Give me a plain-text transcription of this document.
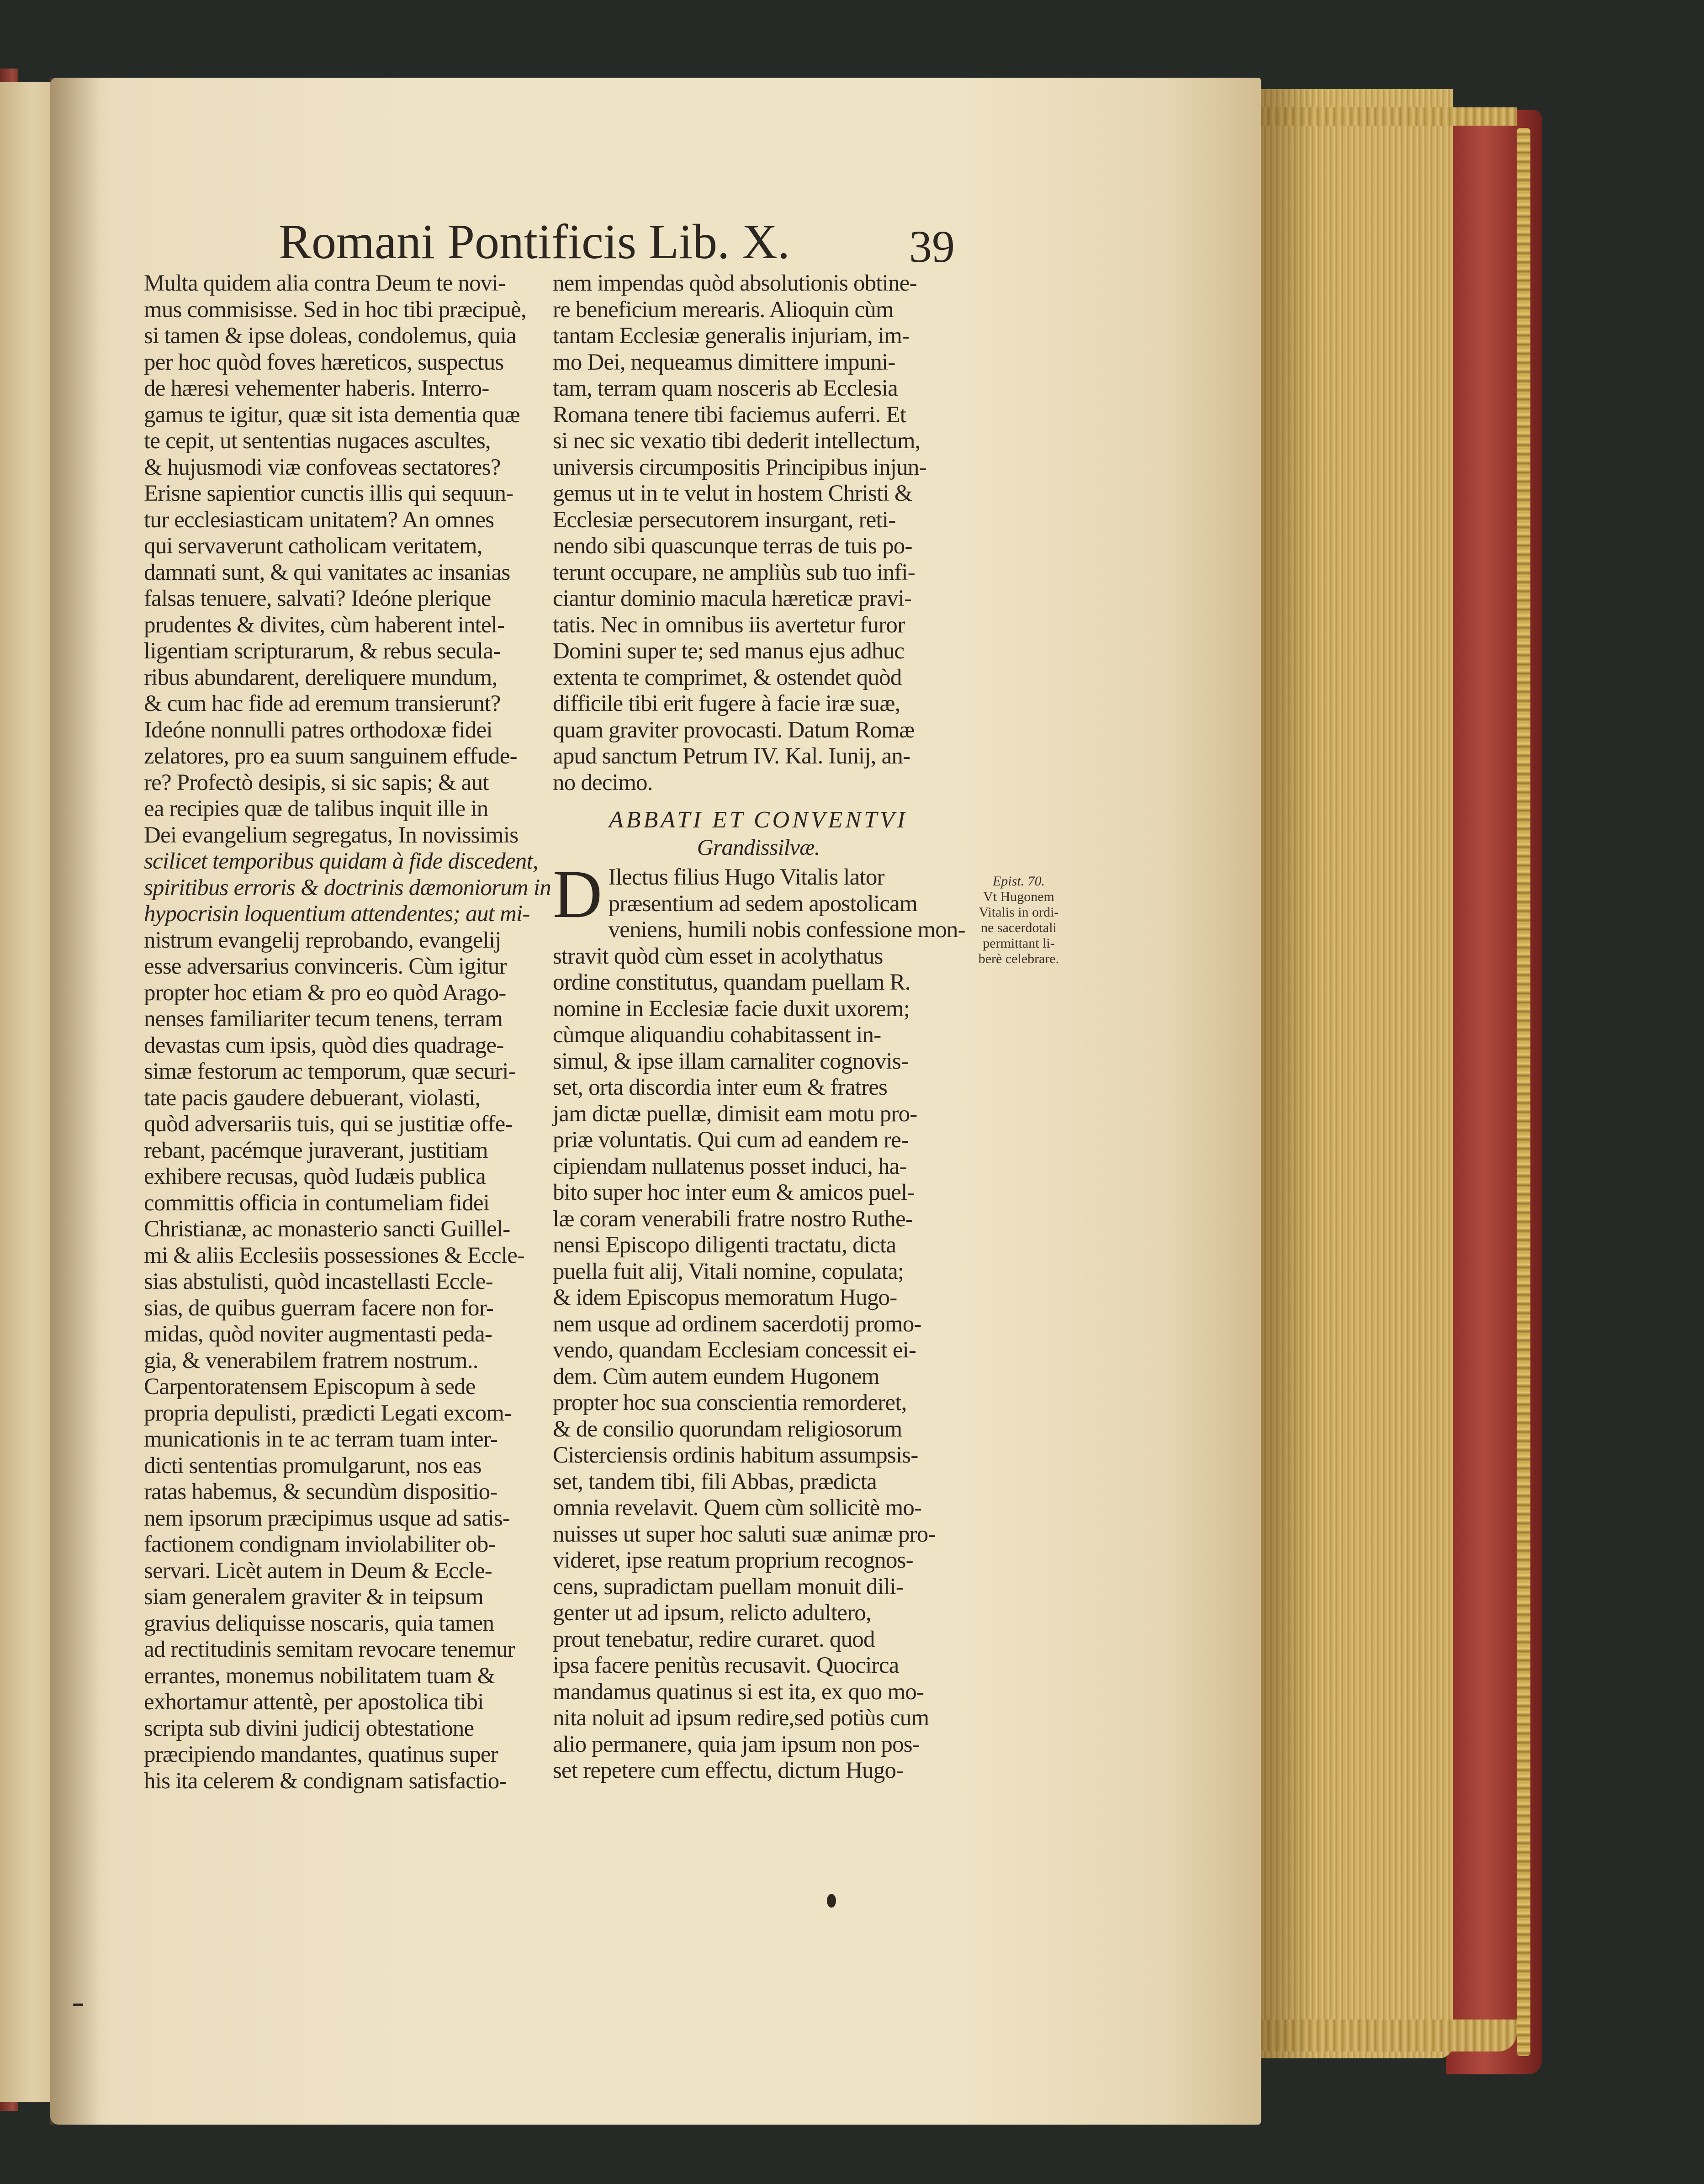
Romani Pontificis Lib. X.	39
Multa quidem alia contra Deum te novi-
mus commisisse. Sed in hoc tibi præcipuè,
si tamen & ipse doleas, condolemus, quia
per hoc quòd foves hæreticos, suspectus
de hæresi vehementer haberis. Interro-
gamus te igitur, quæ sit ista dementia quæ
te cepit, ut sententias nugaces ascultes,
& hujusmodi viæ confoveas sectatores?
Erisne sapientior cunctis illis qui sequun-
tur ecclesiasticam unitatem? An omnes
qui servaverunt catholicam veritatem,
damnati sunt, & qui vanitates ac insanias
falsas tenuere, salvati? Ideóne plerique
prudentes & divites, cùm haberent intel-
ligentiam scripturarum, & rebus secula-
ribus abundarent, dereliquere mundum,
& cum hac fide ad eremum transierunt?
Ideóne nonnulli patres orthodoxæ fidei
zelatores, pro ea suum sanguinem effude-
re? Profectò desipis, si sic sapis; & aut
ea recipies quæ de talibus inquit ille in
Dei evangelium segregatus, In novissimis
scilicet temporibus quidam à fide discedent,
spiritibus erroris & doctrinis dæmoniorum in
hypocrisin loquentium attendentes; aut mi-
nistrum evangelij reprobando, evangelij
esse adversarius convinceris. Cùm igitur
propter hoc etiam & pro eo quòd Arago-
nenses familiariter tecum tenens, terram
devastas cum ipsis, quòd dies quadrage-
simæ festorum ac temporum, quæ securi-
tate pacis gaudere debuerant, violasti,
quòd adversariis tuis, qui se justitiæ offe-
rebant, pacémque juraverant, justitiam
exhibere recusas, quòd Iudæis publica
committis officia in contumeliam fidei
Christianæ, ac monasterio sancti Guillel-
mi & aliis Ecclesiis possessiones & Eccle-
sias abstulisti, quòd incastellasti Eccle-
sias, de quibus guerram facere non for-
midas, quòd noviter augmentasti peda-
gia, & venerabilem fratrem nostrum..
Carpentoratensem Episcopum à sede
propria depulisti, prædicti Legati excom-
municationis in te ac terram tuam inter-
dicti sententias promulgarunt, nos eas
ratas habemus, & secundùm dispositio-
nem ipsorum præcipimus usque ad satis-
factionem condignam inviolabiliter ob-
servari. Licèt autem in Deum & Eccle-
siam generalem graviter & in teipsum
gravius deliquisse noscaris, quia tamen
ad rectitudinis semitam revocare tenemur
errantes, monemus nobilitatem tuam &
exhortamur attentè, per apostolica tibi
scripta sub divini judicij obtestatione
præcipiendo mandantes, quatinus super
his ita celerem & condignam satisfactio-
nem impendas quòd absolutionis obtine-
re beneficium merearis. Alioquin cùm
tantam Ecclesiæ generalis injuriam, im-
mo Dei, nequeamus dimittere impuni-
tam, terram quam nosceris ab Ecclesia
Romana tenere tibi faciemus auferri. Et
si nec sic vexatio tibi dederit intellectum,
universis circumpositis Principibus injun-
gemus ut in te velut in hostem Christi &
Ecclesiæ persecutorem insurgant, reti-
nendo sibi quascunque terras de tuis po-
terunt occupare, ne ampliùs sub tuo infi-
ciantur dominio macula hæreticæ pravi-
tatis. Nec in omnibus iis avertetur furor
Domini super te; sed manus ejus adhuc
extenta te comprimet, & ostendet quòd
difficile tibi erit fugere à facie iræ suæ,
quam graviter provocasti. Datum Romæ
apud sanctum Petrum IV. Kal. Iunij, an-
no decimo.
ABBATI ET CONVENTVI
Grandissilvæ.
D Ilectus filius Hugo Vitalis lator
præsentium ad sedem apostolicam
veniens, humili nobis confessione mon-
stravit quòd cùm esset in acolythatus
ordine constitutus, quandam puellam R.
nomine in Ecclesiæ facie duxit uxorem;
cùmque aliquandiu cohabitassent in-
simul, & ipse illam carnaliter cognovis-
set, orta discordia inter eum & fratres
jam dictæ puellæ, dimisit eam motu pro-
priæ voluntatis. Qui cum ad eandem re-
cipiendam nullatenus posset induci, ha-
bito super hoc inter eum & amicos puel-
læ coram venerabili fratre nostro Ruthe-
nensi Episcopo diligenti tractatu, dicta
puella fuit alij, Vitali nomine, copulata;
& idem Episcopus memoratum Hugo-
nem usque ad ordinem sacerdotij promo-
vendo, quandam Ecclesiam concessit ei-
dem. Cùm autem eundem Hugonem
propter hoc sua conscientia remorderet,
& de consilio quorundam religiosorum
Cisterciensis ordinis habitum assumpsis-
set, tandem tibi, fili Abbas, prædicta
omnia revelavit. Quem cùm sollicitè mo-
nuisses ut super hoc saluti suæ animæ pro-
videret, ipse reatum proprium recognos-
cens, supradictam puellam monuit dili-
genter ut ad ipsum, relicto adultero,
prout tenebatur, redire curaret. quod
ipsa facere penitùs recusavit. Quocirca
mandamus quatinus si est ita, ex quo mo-
nita noluit ad ipsum redire,sed potiùs cum
alio permanere, quia jam ipsum non pos-
set repetere cum effectu, dictum Hugo-
Epist. 70.
Vt Hugonem
Vitalis in ordi-
ne sacerdotali
permittant li-
berè celebrare.
